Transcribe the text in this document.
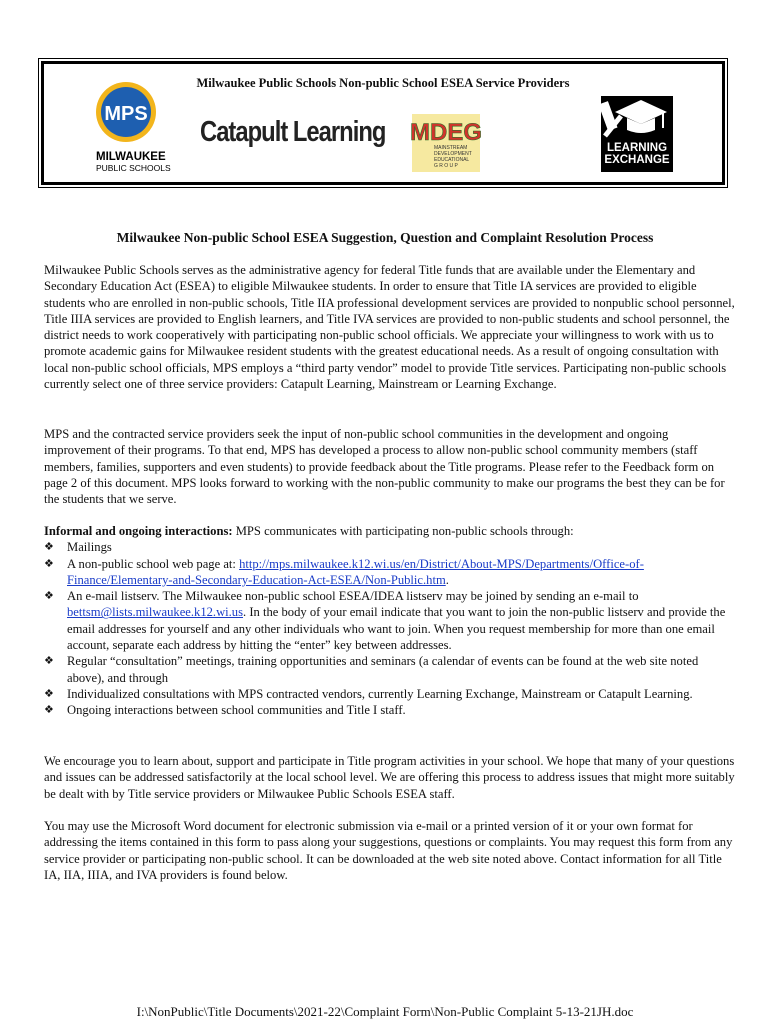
Milwaukee Public Schools Non-public School ESEA Service Providers
MPS
MILWAUKEE
PUBLIC SCHOOLS
Catapult Learning MDEG
MAINSTREAM
DEVELOPMENT
EDUCATIONAL
G R O U P
LEARNING
EXCHANGE
Milwaukee Non-public School ESEA Suggestion, Question and Complaint Resolution Process

Milwaukee Public Schools serves as the administrative agency for federal Title funds that are available under the Elementary and Secondary Education Act (ESEA) to eligible Milwaukee students. In order to ensure that Title IA services are provided to eligible students who are enrolled in non-public schools, Title IIA professional development services are provided to nonpublic school personnel, Title IIIA services are provided to English learners, and Title IVA services are provided to non-public students and school personnel, the district needs to work cooperatively with participating non-public school officials. We appreciate your willingness to work with us to promote academic gains for Milwaukee resident students with the greatest educational needs. As a result of ongoing consultation with local non-public school officials, MPS employs a “third party vendor” model to provide Title services. Participating non-public schools currently select one of three service providers: Catapult Learning, Mainstream or Learning Exchange.

MPS and the contracted service providers seek the input of non-public school communities in the development and ongoing improvement of their programs. To that end, MPS has developed a process to allow non-public school community members (staff members, families, supporters and even students) to provide feedback about the Title programs. Please refer to the Feedback form on page 2 of this document. MPS looks forward to working with the non-public community to make our programs the best they can be for the students that we serve.

Informal and ongoing interactions: MPS communicates with participating non-public schools through:

❖ Mailings
❖ A non-public school web page at: http://mps.milwaukee.k12.wi.us/en/District/About-MPS/Departments/Office-of-Finance/Elementary-and-Secondary-Education-Act-ESEA/Non-Public.htm.
❖ An e-mail listserv. The Milwaukee non-public school ESEA/IDEA listserv may be joined by sending an e-mail to bettsm@lists.milwaukee.k12.wi.us. In the body of your email indicate that you want to join the non-public listserv and provide the email addresses for yourself and any other individuals who want to join. When you request membership for more than one email account, separate each address by hitting the “enter” key between addresses.
❖ Regular “consultation” meetings, training opportunities and seminars (a calendar of events can be found at the web site noted above), and through
❖ Individualized consultations with MPS contracted vendors, currently Learning Exchange, Mainstream or Catapult Learning.
❖ Ongoing interactions between school communities and Title I staff.

We encourage you to learn about, support and participate in Title program activities in your school. We hope that many of your questions and issues can be addressed satisfactorily at the local school level. We are offering this process to address issues that might more suitably be dealt with by Title service providers or Milwaukee Public Schools ESEA staff.

You may use the Microsoft Word document for electronic submission via e-mail or a printed version of it or your own format for addressing the items contained in this form to pass along your suggestions, questions or complaints. You may request this form from any service provider or participating non-public school. It can be downloaded at the web site noted above. Contact information for all Title IA, IIA, IIIA, and IVA providers is found below.

I:\NonPublic\Title Documents\2021-22\Complaint Form\Non-Public Complaint 5-13-21JH.doc
